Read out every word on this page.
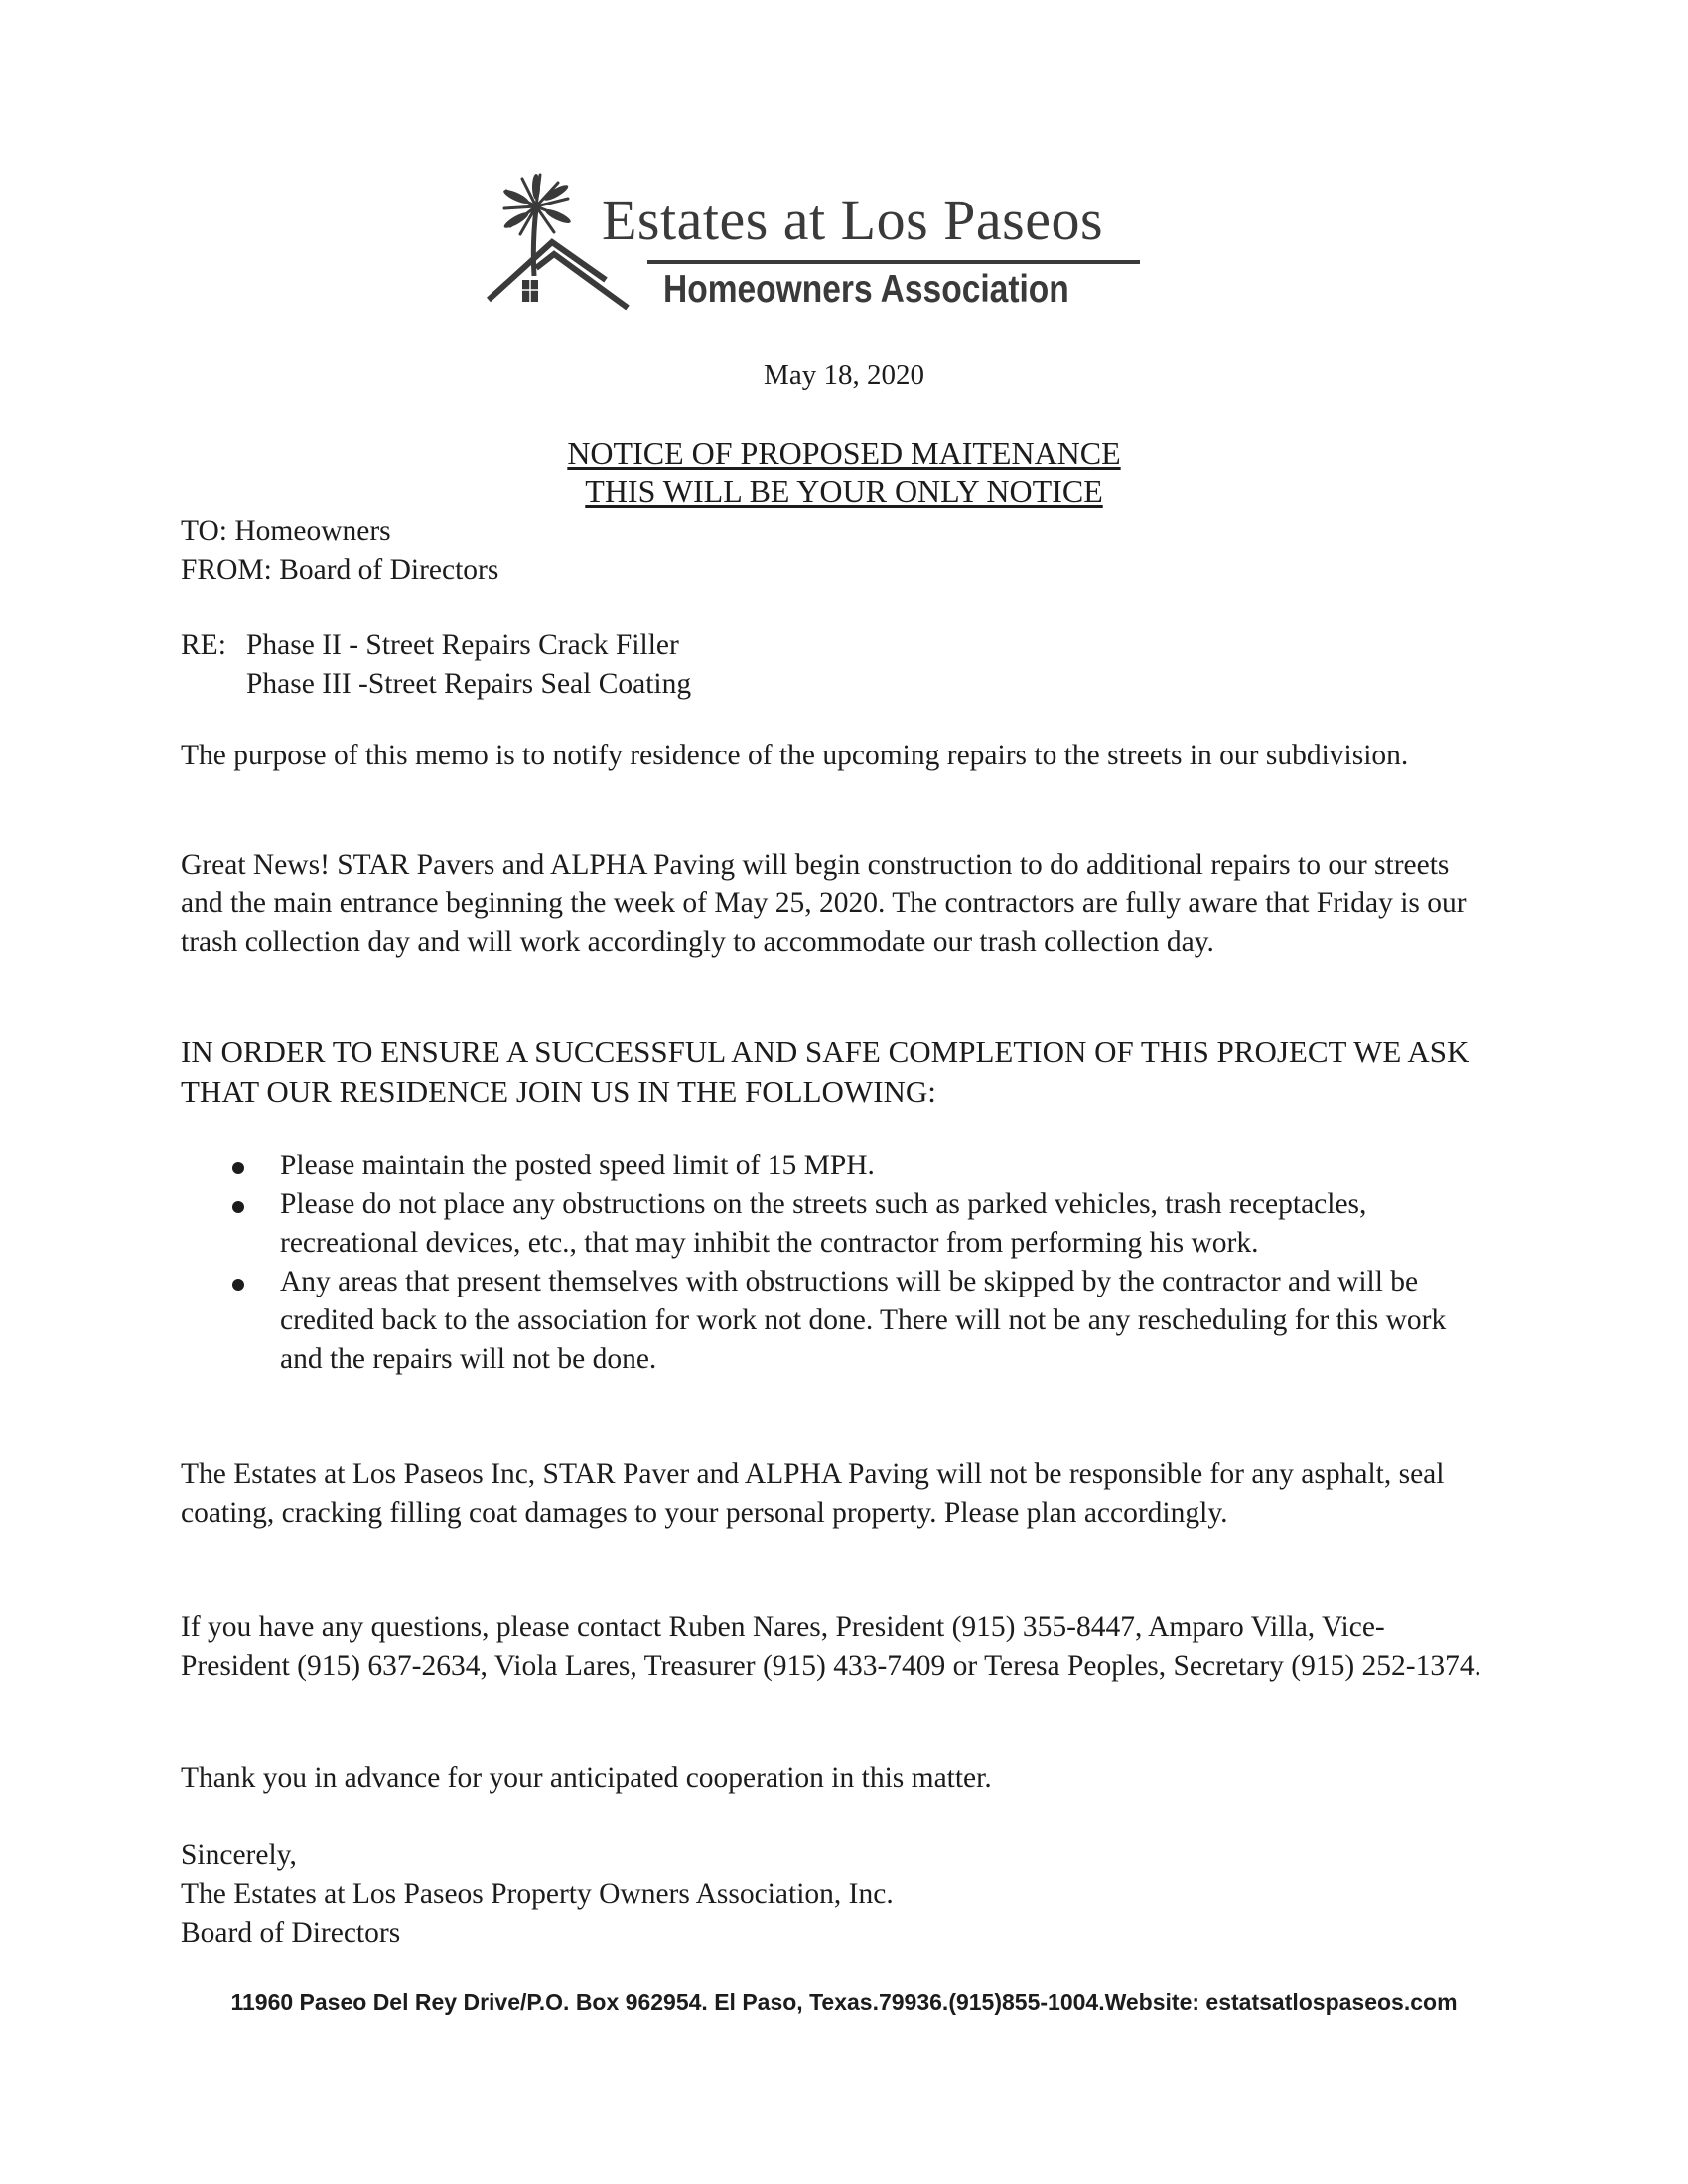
Estates at Los Paseos
Homeowners Association
May 18, 2020
NOTICE OF PROPOSED MAITENANCE
THIS WILL BE YOUR ONLY NOTICE
TO: Homeowners
FROM: Board of Directors
RE: Phase II - Street Repairs Crack Filler
Phase III -Street Repairs Seal Coating
The purpose of this memo is to notify residence of the upcoming repairs to the streets in our subdivision.
Great News! STAR Pavers and ALPHA Paving will begin construction to do additional repairs to our streets and the main entrance beginning the week of May 25, 2020. The contractors are fully aware that Friday is our trash collection day and will work accordingly to accommodate our trash collection day.
IN ORDER TO ENSURE A SUCCESSFUL AND SAFE COMPLETION OF THIS PROJECT WE ASK THAT OUR RESIDENCE JOIN US IN THE FOLLOWING:
Please maintain the posted speed limit of 15 MPH.
Please do not place any obstructions on the streets such as parked vehicles, trash receptacles, recreational devices, etc., that may inhibit the contractor from performing his work.
Any areas that present themselves with obstructions will be skipped by the contractor and will be credited back to the association for work not done. There will not be any rescheduling for this work and the repairs will not be done.
The Estates at Los Paseos Inc, STAR Paver and ALPHA Paving will not be responsible for any asphalt, seal coating, cracking filling coat damages to your personal property. Please plan accordingly.
If you have any questions, please contact Ruben Nares, President (915) 355-8447, Amparo Villa, Vice-President (915) 637-2634, Viola Lares, Treasurer (915) 433-7409 or Teresa Peoples, Secretary (915) 252-1374.
Thank you in advance for your anticipated cooperation in this matter.
Sincerely,
The Estates at Los Paseos Property Owners Association, Inc.
Board of Directors
11960 Paseo Del Rey Drive/P.O. Box 962954. El Paso, Texas.79936.(915)855-1004.Website: estatsatlospaseos.com
